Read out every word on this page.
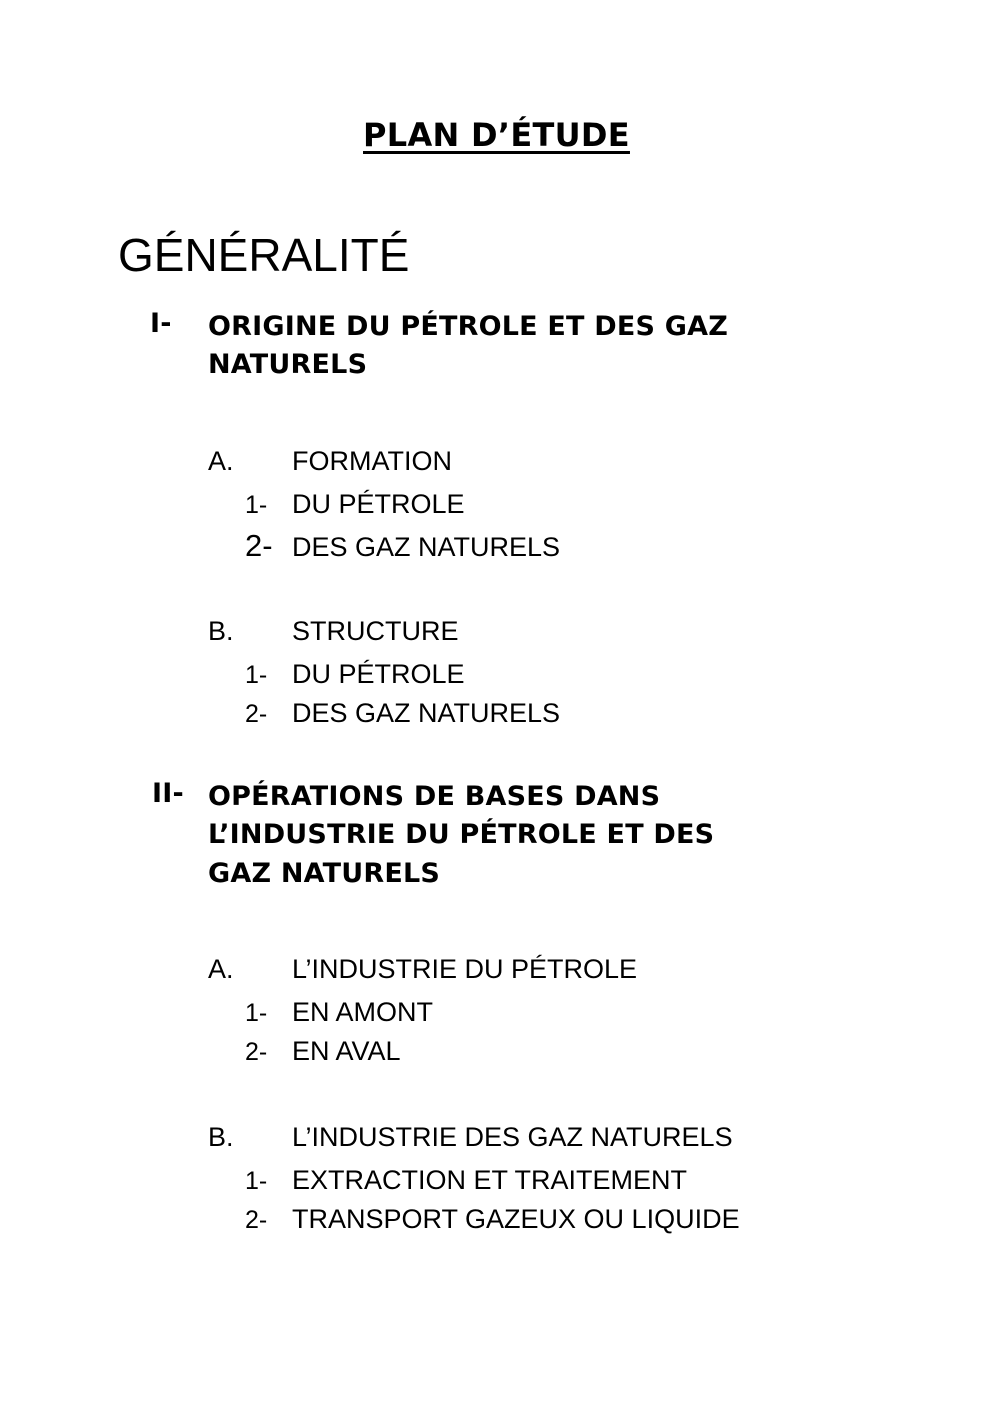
PLAN D’ÉTUDE
GÉNÉRALITÉ
I-	ORIGINE DU PÉTROLE ET DES GAZ
NATURELS
A.	FORMATION
1- DU PÉTROLE
2- DES GAZ NATURELS
B.	STRUCTURE
1- DU PÉTROLE
2- DES GAZ NATURELS
II- OPÉRATIONS DE BASES DANS
L’INDUSTRIE DU PÉTROLE ET DES
GAZ NATURELS
A.	L’INDUSTRIE DU PÉTROLE
1- EN AMONT
2- EN AVAL
B.	L’INDUSTRIE DES GAZ NATURELS
1- EXTRACTION ET TRAITEMENT
2- TRANSPORT GAZEUX OU LIQUIDE
